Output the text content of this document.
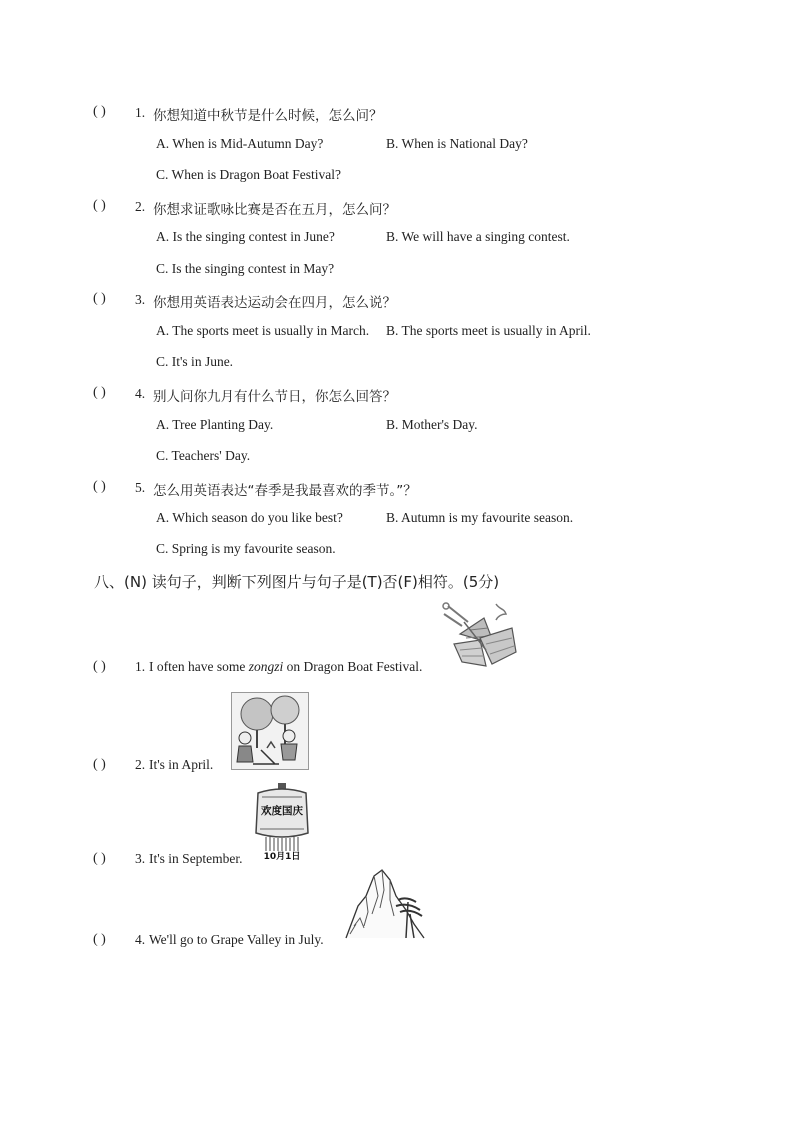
( ) 1. 你想知道中秋节是什么时候，怎么问？
A. When is Mid-Autumn Day?	B. When is National Day?
C. When is Dragon Boat Festival?
( ) 2. 你想求证歌咏比赛是否在五月，怎么问？
A. Is the singing contest in June?	B. We will have a singing contest.
C. Is the singing contest in May?
( ) 3. 你想用英语表达运动会在四月，怎么说？
A. The sports meet is usually in March. B. The sports meet is usually in April.
C. It's in June.
( ) 4. 别人问你九月有什么节日，你怎么回答？
A. Tree Planting Day.	B. Mother's Day.
C. Teachers' Day.
( ) 5. 怎么用英语表达“春季是我最喜欢的季节。”？
A. Which season do you like best?	B. Autumn is my favourite season.
C. Spring is my favourite season.
八、(N) 读句子，判断下列图片与句子是(T)否(F)相符。(5分)
( ) 1. I often have some zongzi on Dragon Boat Festival.
( ) 2. It's in April.
( ) 3. It's in September.
欢度国庆
10月1日
( ) 4. We'll go to Grape Valley in July.
